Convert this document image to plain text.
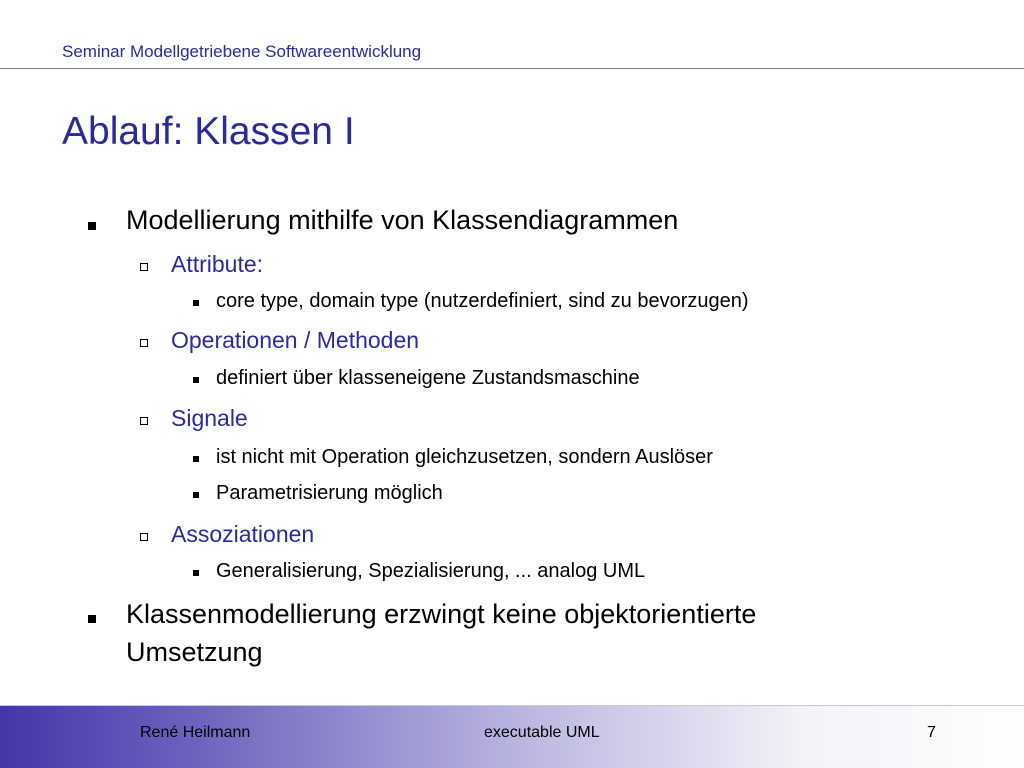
Seminar Modellgetriebene Softwareentwicklung
Ablauf: Klassen I
Modellierung mithilfe von Klassendiagrammen
Attribute:
core type, domain type (nutzerdefiniert, sind zu bevorzugen)
Operationen / Methoden
definiert über klasseneigene Zustandsmaschine
Signale
ist nicht mit Operation gleichzusetzen, sondern Auslöser
Parametrisierung möglich
Assoziationen
Generalisierung, Spezialisierung, ... analog UML
Klassenmodellierung erzwingt keine objektorientierte
Umsetzung
René Heilmann	executable UML	7
